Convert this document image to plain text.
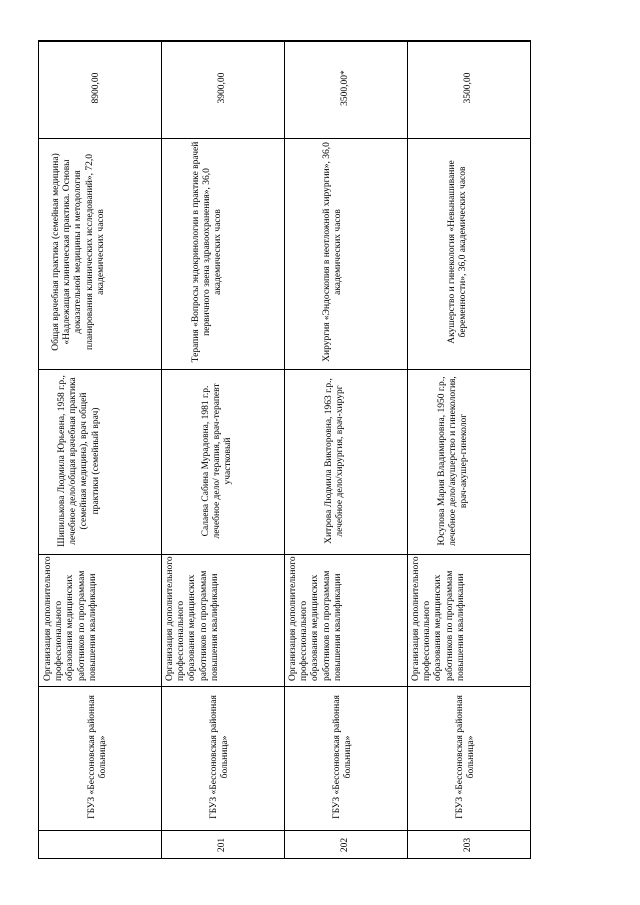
8900,00
Общая врачебная практика (семейная медицина) «Надлежащая клиническая практика. Основы доказательной медицины и методология планирования клинических исследований», 72,0 академических часов
Шипилькова Людмила Юрьевна, 1958 г.р., лечебное дело/общая врачебная практика (семейная медицина), врач общей практики (семейный врач)
Организация дополнительного профессионального образования медицинских работников по программам повышения квалификации
ГБУЗ «Бессоновская районная больница»
3900,00
Терапия «Вопросы эндокринологии в практике врачей первичного звена здравоохранения», 36,0 академических часов
Салаева Сабина Мурадовна, 1981 г.р. лечебное дело/ терапия, врач-терапевт участковый
Организация дополнительного профессионального образования медицинских работников по программам повышения квалификации
ГБУЗ «Бессоновская районная больница»
201
3500,00*
Хирургия «Эндоскопия в неотложной хирургии», 36,0 академических часов
Хитрова Людмила Викторовна, 1963 г.р., лечебное дело/хирургия, врач-хирург
Организация дополнительного профессионального образования медицинских работников по программам повышения квалификации
ГБУЗ «Бессоновская районная больница»
202
3500,00
Акушерство и гинекология «Невынашивание беременности», 36,0 академических часов
Юсупова Мария Владимировна, 1950 г.р., лечебное дело/акушерство и гинекология, врач-акушер-гинеколог
Организация дополнительного профессионального образования медицинских работников по программам повышения квалификации
ГБУЗ «Бессоновская районная больница»
203
